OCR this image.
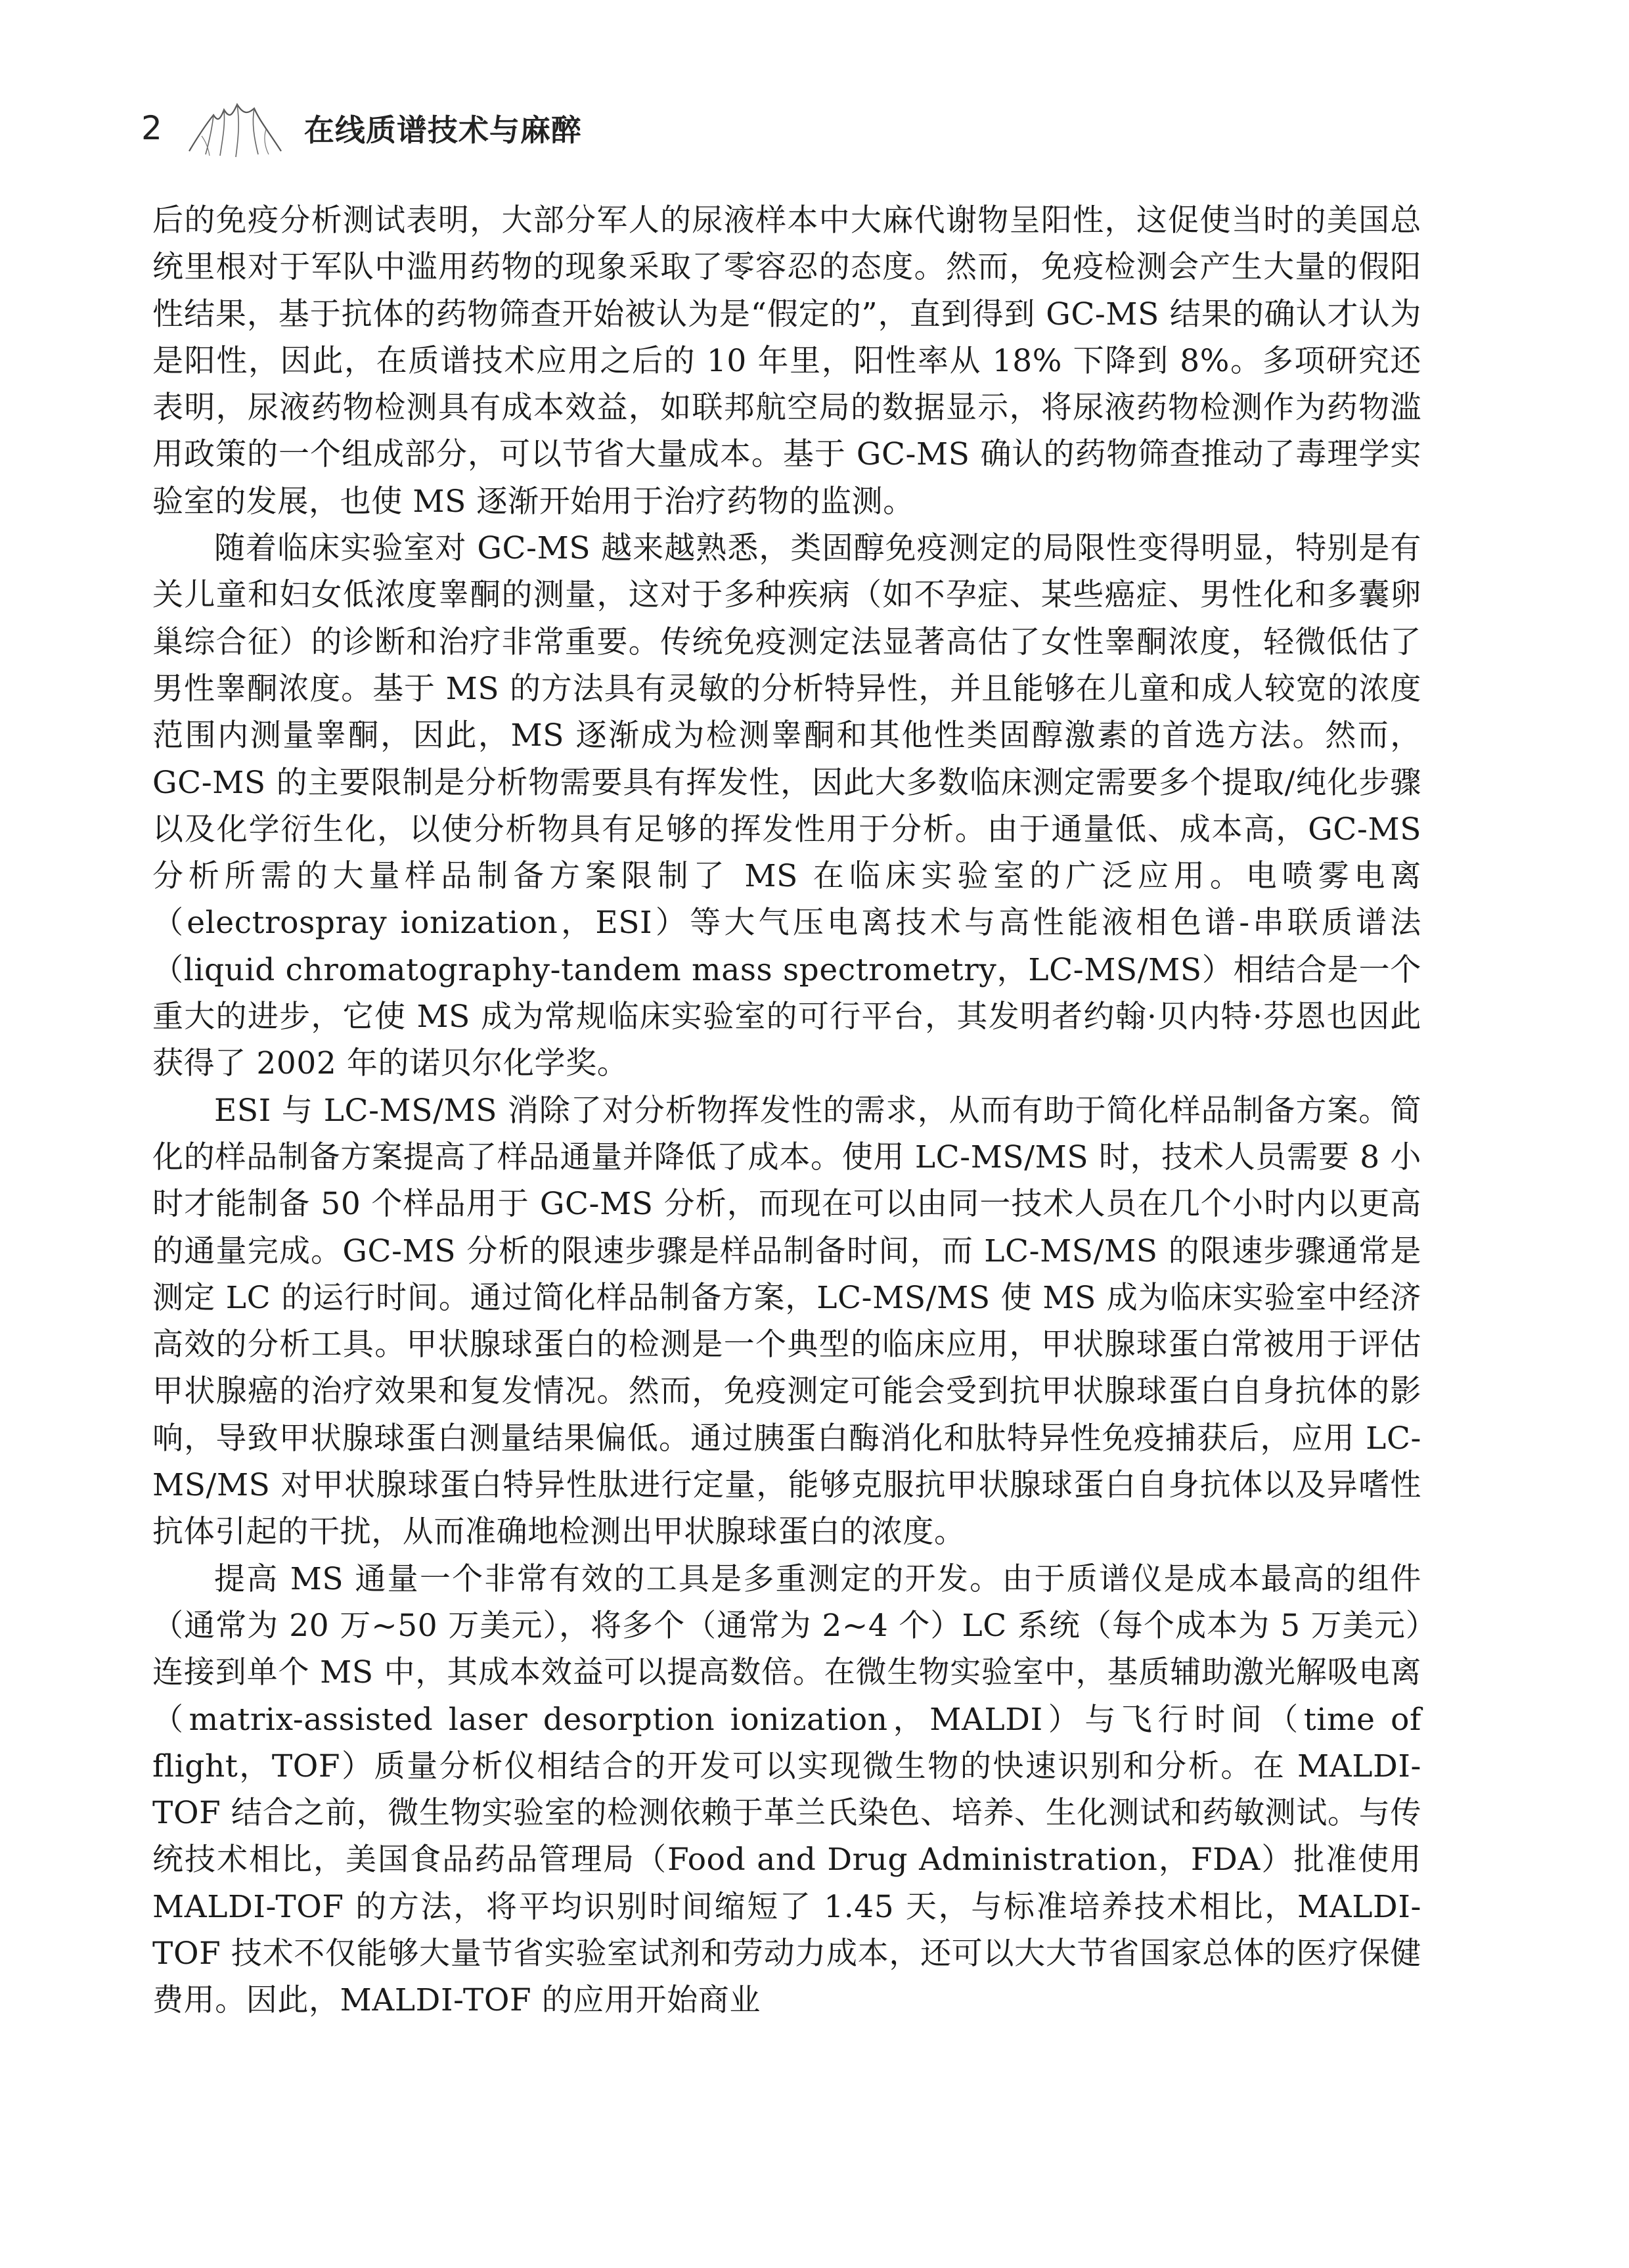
2	在线质谱技术与麻醉

后的免疫分析测试表明，大部分军人的尿液样本中大麻代谢物呈阳性，这促使当时的美国总统里根对于军队中滥用药物的现象采取了零容忍的态度。然而，免疫检测会产生大量的假阳性结果，基于抗体的药物筛查开始被认为是“假定的”，直到得到 GC-MS 结果的确认才认为是阳性，因此，在质谱技术应用之后的 10 年里，阳性率从 18% 下降到 8%。多项研究还表明，尿液药物检测具有成本效益，如联邦航空局的数据显示，将尿液药物检测作为药物滥用政策的一个组成部分，可以节省大量成本。基于 GC-MS 确认的药物筛查推动了毒理学实验室的发展，也使 MS 逐渐开始用于治疗药物的监测。

随着临床实验室对 GC-MS 越来越熟悉，类固醇免疫测定的局限性变得明显，特别是有关儿童和妇女低浓度睾酮的测量，这对于多种疾病（如不孕症、某些癌症、男性化和多囊卵巢综合征）的诊断和治疗非常重要。传统免疫测定法显著高估了女性睾酮浓度，轻微低估了男性睾酮浓度。基于 MS 的方法具有灵敏的分析特异性，并且能够在儿童和成人较宽的浓度范围内测量睾酮，因此，MS 逐渐成为检测睾酮和其他性类固醇激素的首选方法。然而，GC-MS 的主要限制是分析物需要具有挥发性，因此大多数临床测定需要多个提取/纯化步骤以及化学衍生化，以使分析物具有足够的挥发性用于分析。由于通量低、成本高，GC-MS 分析所需的大量样品制备方案限制了 MS 在临床实验室的广泛应用。电喷雾电离（electrospray ionization，ESI）等大气压电离技术与高性能液相色谱-串联质谱法（liquid chromatography-tandem mass spectrometry，LC-MS/MS）相结合是一个重大的进步，它使 MS 成为常规临床实验室的可行平台，其发明者约翰·贝内特·芬恩也因此获得了 2002 年的诺贝尔化学奖。

ESI 与 LC-MS/MS 消除了对分析物挥发性的需求，从而有助于简化样品制备方案。简化的样品制备方案提高了样品通量并降低了成本。使用 LC-MS/MS 时，技术人员需要 8 小时才能制备 50 个样品用于 GC-MS 分析，而现在可以由同一技术人员在几个小时内以更高的通量完成。GC-MS 分析的限速步骤是样品制备时间，而 LC-MS/MS 的限速步骤通常是测定 LC 的运行时间。通过简化样品制备方案，LC-MS/MS 使 MS 成为临床实验室中经济高效的分析工具。甲状腺球蛋白的检测是一个典型的临床应用，甲状腺球蛋白常被用于评估甲状腺癌的治疗效果和复发情况。然而，免疫测定可能会受到抗甲状腺球蛋白自身抗体的影响，导致甲状腺球蛋白测量结果偏低。通过胰蛋白酶消化和肽特异性免疫捕获后，应用 LC-MS/MS 对甲状腺球蛋白特异性肽进行定量，能够克服抗甲状腺球蛋白自身抗体以及异嗜性抗体引起的干扰，从而准确地检测出甲状腺球蛋白的浓度。

提高 MS 通量一个非常有效的工具是多重测定的开发。由于质谱仪是成本最高的组件（通常为 20 万~50 万美元），将多个（通常为 2~4 个）LC 系统（每个成本为 5 万美元）连接到单个 MS 中，其成本效益可以提高数倍。在微生物实验室中，基质辅助激光解吸电离（matrix-assisted laser desorption ionization，MALDI）与飞行时间（time of flight，TOF）质量分析仪相结合的开发可以实现微生物的快速识别和分析。在 MALDI-TOF 结合之前，微生物实验室的检测依赖于革兰氏染色、培养、生化测试和药敏测试。与传统技术相比，美国食品药品管理局（Food and Drug Administration，FDA）批准使用 MALDI-TOF 的方法，将平均识别时间缩短了 1.45 天，与标准培养技术相比，MALDI-TOF 技术不仅能够大量节省实验室试剂和劳动力成本，还可以大大节省国家总体的医疗保健费用。因此，MALDI-TOF 的应用开始商业
